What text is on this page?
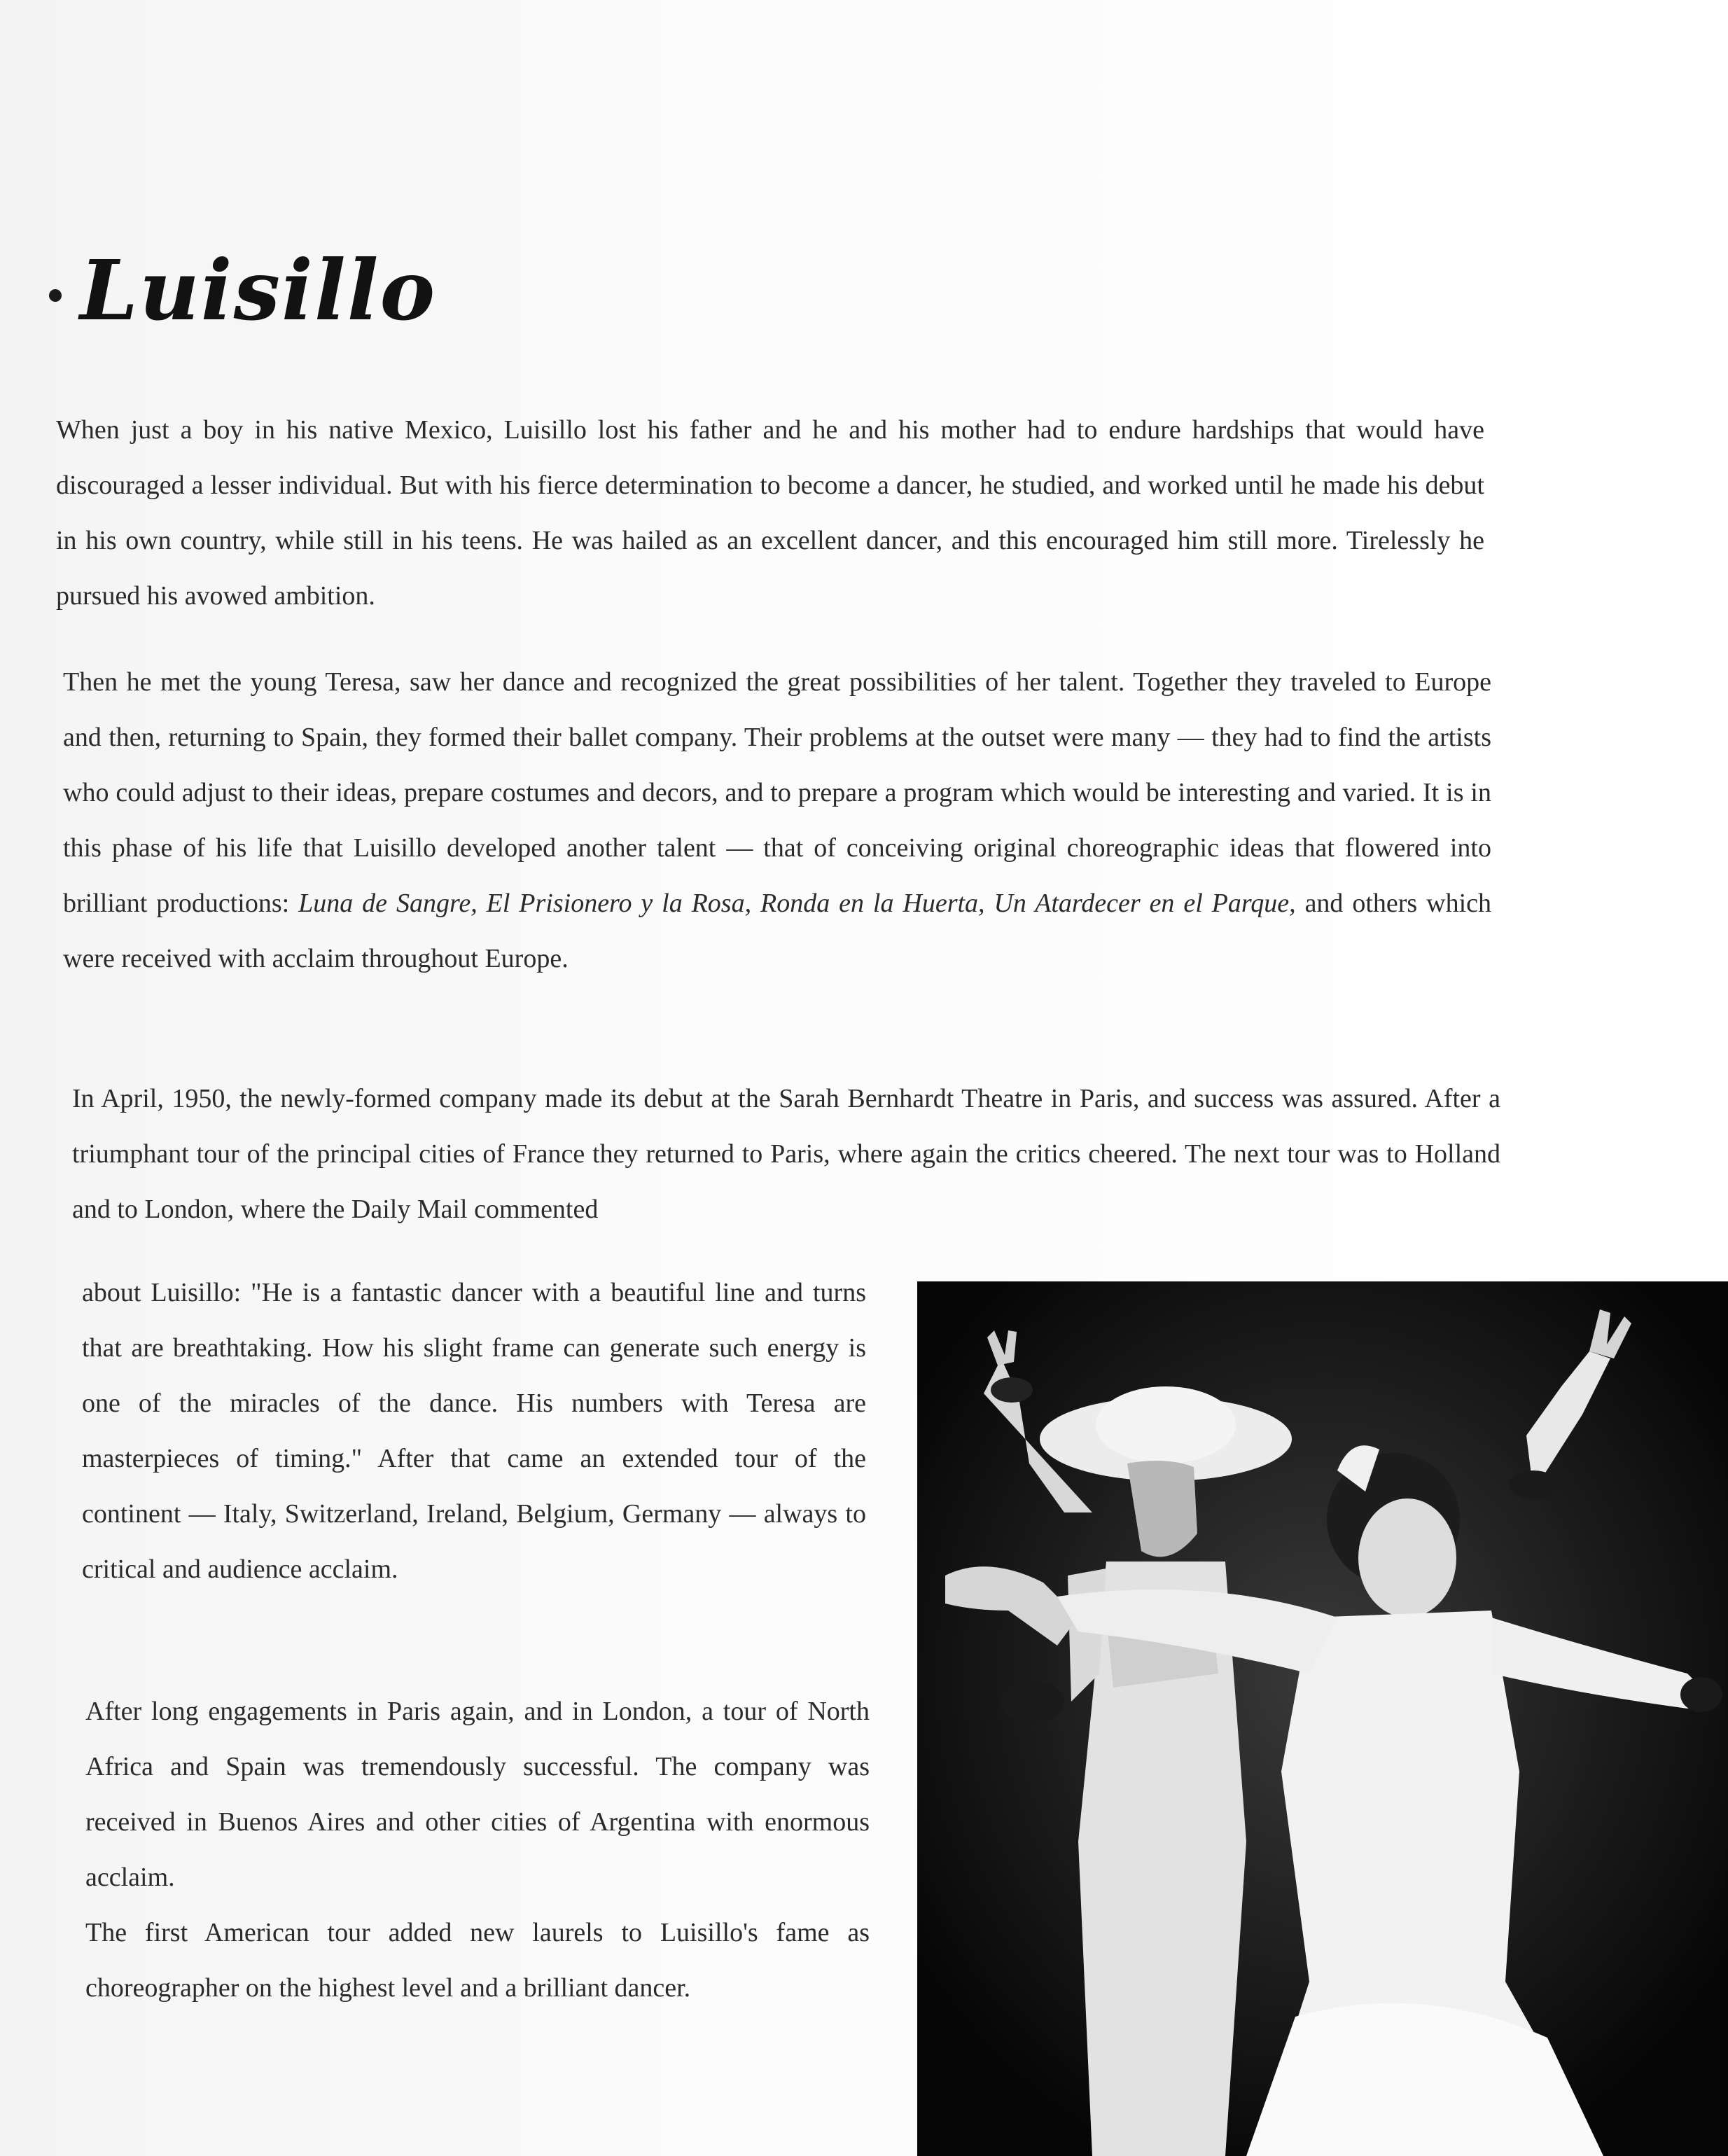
Luisillo

When just a boy in his native Mexico, Luisillo lost his father and he and his mother had to endure hardships that would have discouraged a lesser individual. But with his fierce determination to become a dancer, he studied, and worked until he made his debut in his own country, while still in his teens. He was hailed as an excellent dancer, and this encouraged him still more. Tirelessly he pursued his avowed ambition.

Then he met the young Teresa, saw her dance and recognized the great possibilities of her talent. Together they traveled to Europe and then, returning to Spain, they formed their ballet company. Their problems at the outset were many — they had to find the artists who could adjust to their ideas, prepare costumes and decors, and to prepare a program which would be interesting and varied. It is in this phase of his life that Luisillo developed another talent — that of conceiving original choreographic ideas that flowered into brilliant productions: Luna de Sangre, El Prisionero y la Rosa, Ronda en la Huerta, Un Atardecer en el Parque, and others which were received with acclaim throughout Europe.

In April, 1950, the newly-formed company made its debut at the Sarah Bernhardt Theatre in Paris, and success was assured. After a triumphant tour of the principal cities of France they returned to Paris, where again the critics cheered. The next tour was to Holland and to London, where the Daily Mail commented

about Luisillo: "He is a fantastic dancer with a beautiful line and turns that are breathtaking. How his slight frame can generate such energy is one of the miracles of the dance. His numbers with Teresa are masterpieces of timing." After that came an extended tour of the continent — Italy, Switzerland, Ireland, Belgium, Germany — always to critical and audience acclaim.

After long engagements in Paris again, and in London, a tour of North Africa and Spain was tremendously successful. The company was received in Buenos Aires and other cities of Argentina with enormous acclaim.
The first American tour added new laurels to Luisillo's fame as choreographer on the highest level and a brilliant dancer.
